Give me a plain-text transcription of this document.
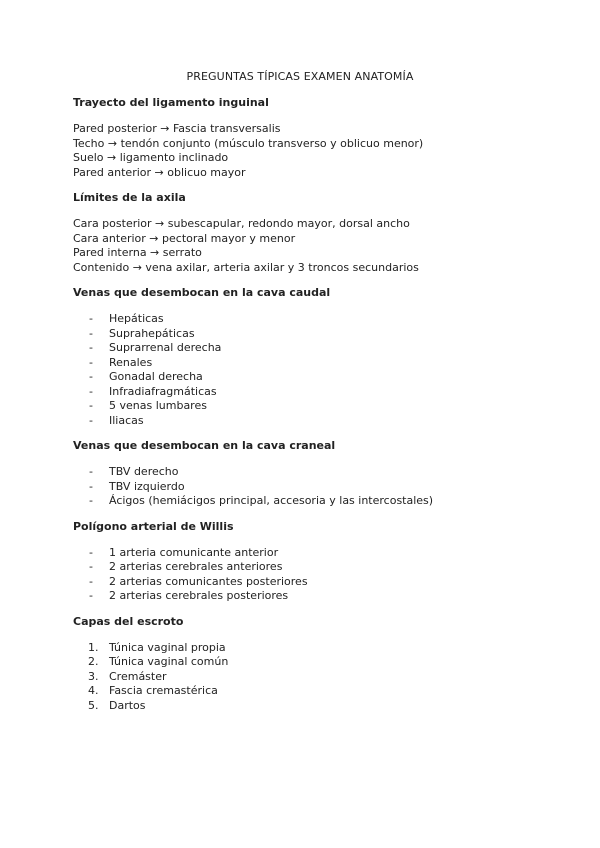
PREGUNTAS TÍPICAS EXAMEN ANATOMÍA
Trayecto del ligamento inguinal
Pared posterior → Fascia transversalis
Techo → tendón conjunto (músculo transverso y oblicuo menor)
Suelo → ligamento inclinado
Pared anterior → oblicuo mayor
Límites de la axila
Cara posterior → subescapular, redondo mayor, dorsal ancho
Cara anterior → pectoral mayor y menor
Pared interna → serrato
Contenido → vena axilar, arteria axilar y 3 troncos secundarios
Venas que desembocan en la cava caudal
- Hepáticas
- Suprahepáticas
- Suprarrenal derecha
- Renales
- Gonadal derecha
- Infradiafragmáticas
- 5 venas lumbares
- Iliacas
Venas que desembocan en la cava craneal
- TBV derecho
- TBV izquierdo
- Ácigos (hemiácigos principal, accesoria y las intercostales)
Polígono arterial de Willis
- 1 arteria comunicante anterior
- 2 arterias cerebrales anteriores
- 2 arterias comunicantes posteriores
- 2 arterias cerebrales posteriores
Capas del escroto
1. Túnica vaginal propia
2. Túnica vaginal común
3. Cremáster
4. Fascia cremastérica
5. Dartos
